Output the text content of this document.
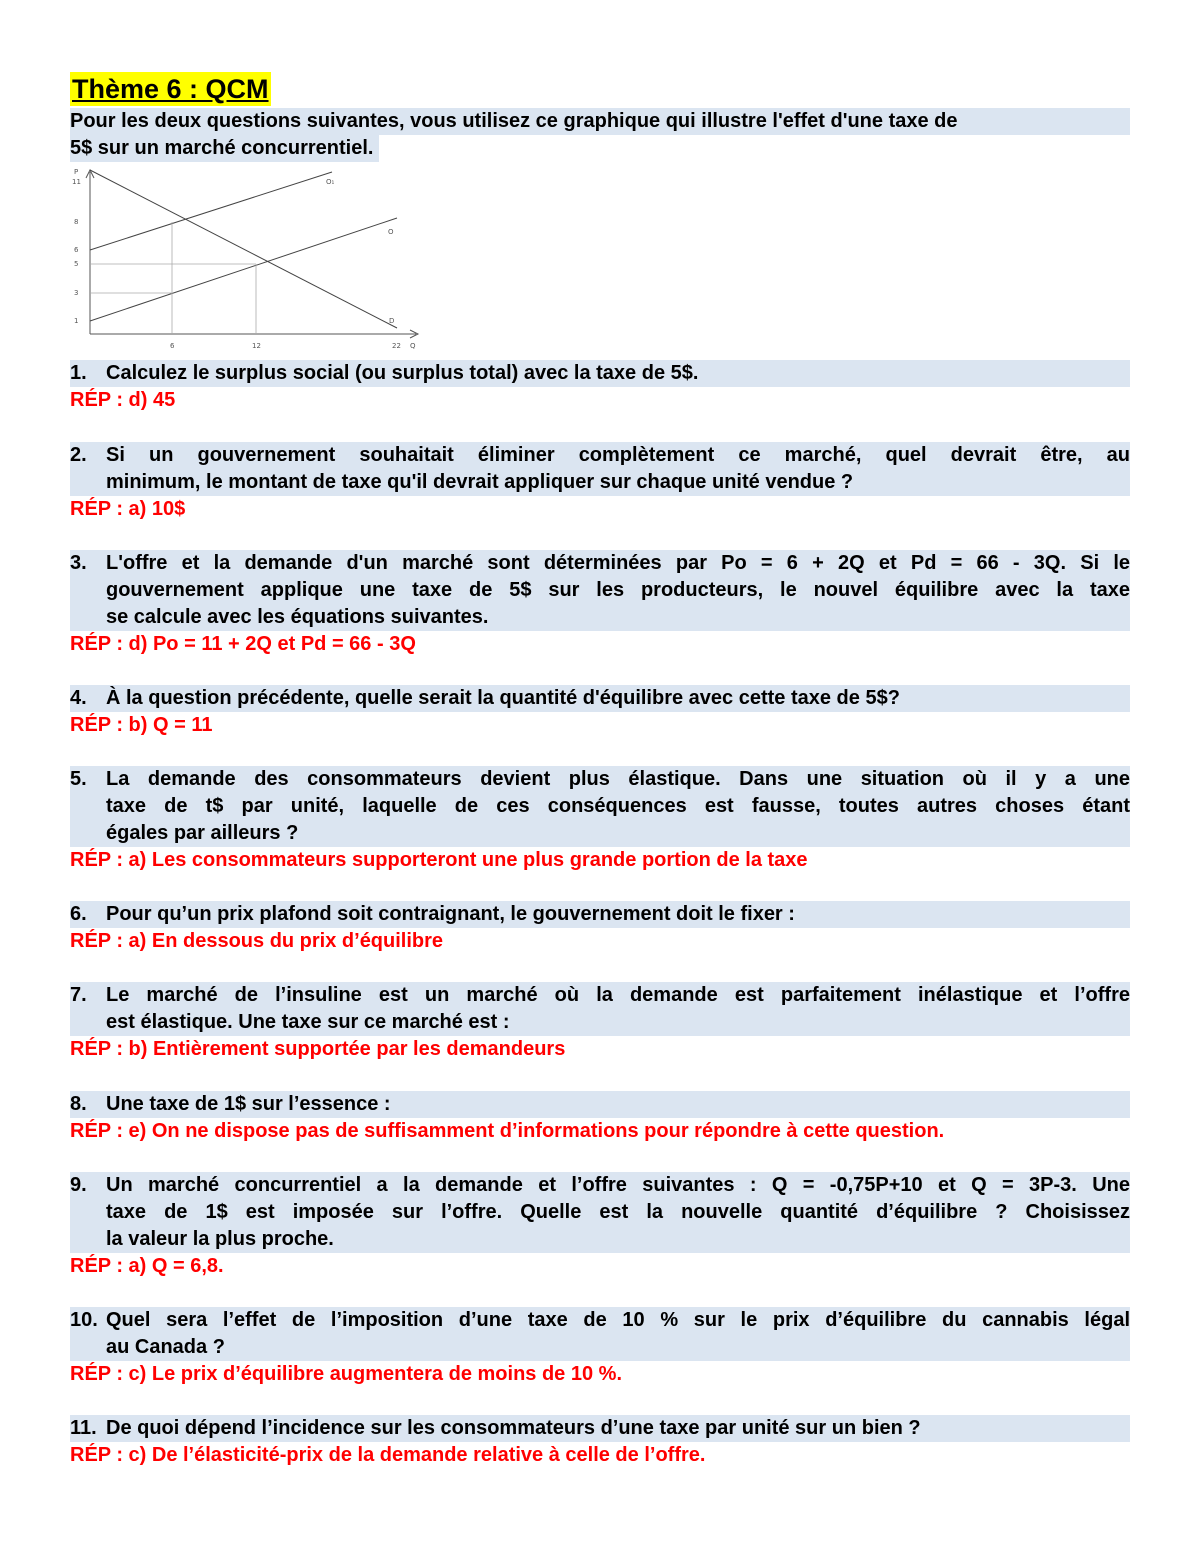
Thème 6 : QCM
Pour les deux questions suivantes, vous utilisez ce graphique qui illustre l'effet d'une taxe de
5$ sur un marché concurrentiel.
P
11
8
6
5
3
1
6	12	22 Q
O₁
O
D
1. Calculez le surplus social (ou surplus total) avec la taxe de 5$.
RÉP : d) 45
2. Si un gouvernement souhaitait éliminer complètement ce marché, quel devrait être, au
minimum, le montant de taxe qu'il devrait appliquer sur chaque unité vendue ?
RÉP : a) 10$
3. L'offre et la demande d'un marché sont déterminées par Po = 6 + 2Q et Pd = 66 - 3Q. Si le
gouvernement applique une taxe de 5$ sur les producteurs, le nouvel équilibre avec la taxe
se calcule avec les équations suivantes.
RÉP : d) Po = 11 + 2Q et Pd = 66 - 3Q
4. À la question précédente, quelle serait la quantité d'équilibre avec cette taxe de 5$?
RÉP : b) Q = 11
5. La demande des consommateurs devient plus élastique. Dans une situation où il y a une
taxe de t$ par unité, laquelle de ces conséquences est fausse, toutes autres choses étant
égales par ailleurs ?
RÉP : a) Les consommateurs supporteront une plus grande portion de la taxe
6. Pour qu’un prix plafond soit contraignant, le gouvernement doit le fixer :
RÉP : a) En dessous du prix d’équilibre
7. Le marché de l’insuline est un marché où la demande est parfaitement inélastique et l’offre
est élastique. Une taxe sur ce marché est :
RÉP : b) Entièrement supportée par les demandeurs
8. Une taxe de 1$ sur l’essence :
RÉP : e) On ne dispose pas de suffisamment d’informations pour répondre à cette question.
9. Un marché concurrentiel a la demande et l’offre suivantes : Q = -0,75P+10 et Q = 3P-3. Une
taxe de 1$ est imposée sur l’offre. Quelle est la nouvelle quantité d’équilibre ? Choisissez
la valeur la plus proche.
RÉP : a) Q = 6,8.
10. Quel sera l’effet de l’imposition d’une taxe de 10 % sur le prix d’équilibre du cannabis légal
au Canada ?
RÉP : c) Le prix d’équilibre augmentera de moins de 10 %.
11. De quoi dépend l’incidence sur les consommateurs d’une taxe par unité sur un bien ?
RÉP : c) De l’élasticité-prix de la demande relative à celle de l’offre.
